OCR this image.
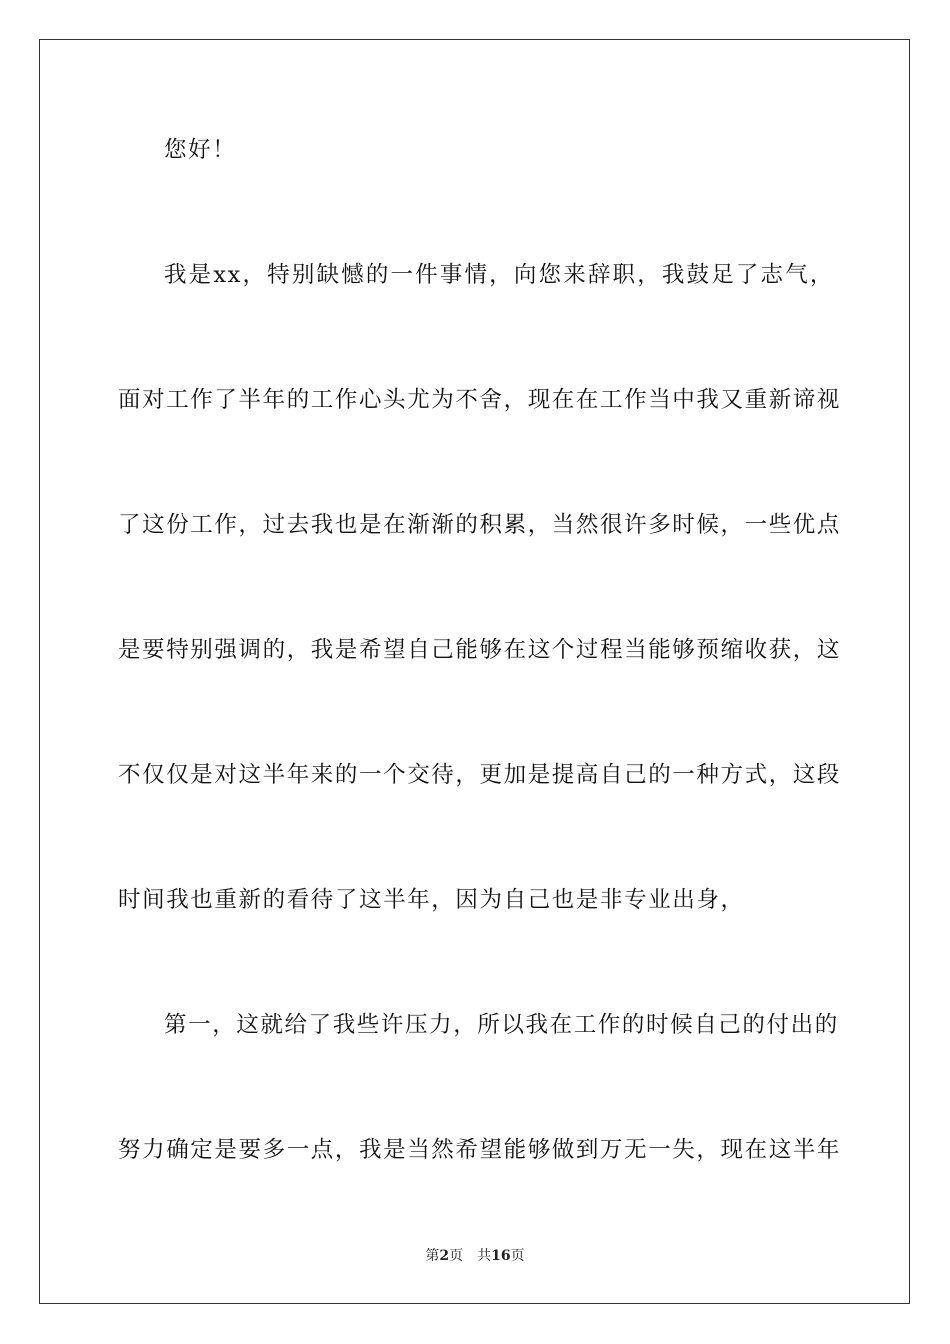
您好！
我是xx，特别缺憾的一件事情，向您来辞职，我鼓足了志气，
面对工作了半年的工作心头尤为不舍，现在在工作当中我又重新谛视
了这份工作，过去我也是在渐渐的积累，当然很许多时候，一些优点
是要特别强调的，我是希望自己能够在这个过程当能够预缩收获，这
不仅仅是对这半年来的一个交待，更加是提高自己的一种方式，这段
时间我也重新的看待了这半年，因为自己也是非专业出身，
第一，这就给了我些许压力，所以我在工作的时候自己的付出的
努力确定是要多一点，我是当然希望能够做到万无一失，现在这半年
第2页 共16页
